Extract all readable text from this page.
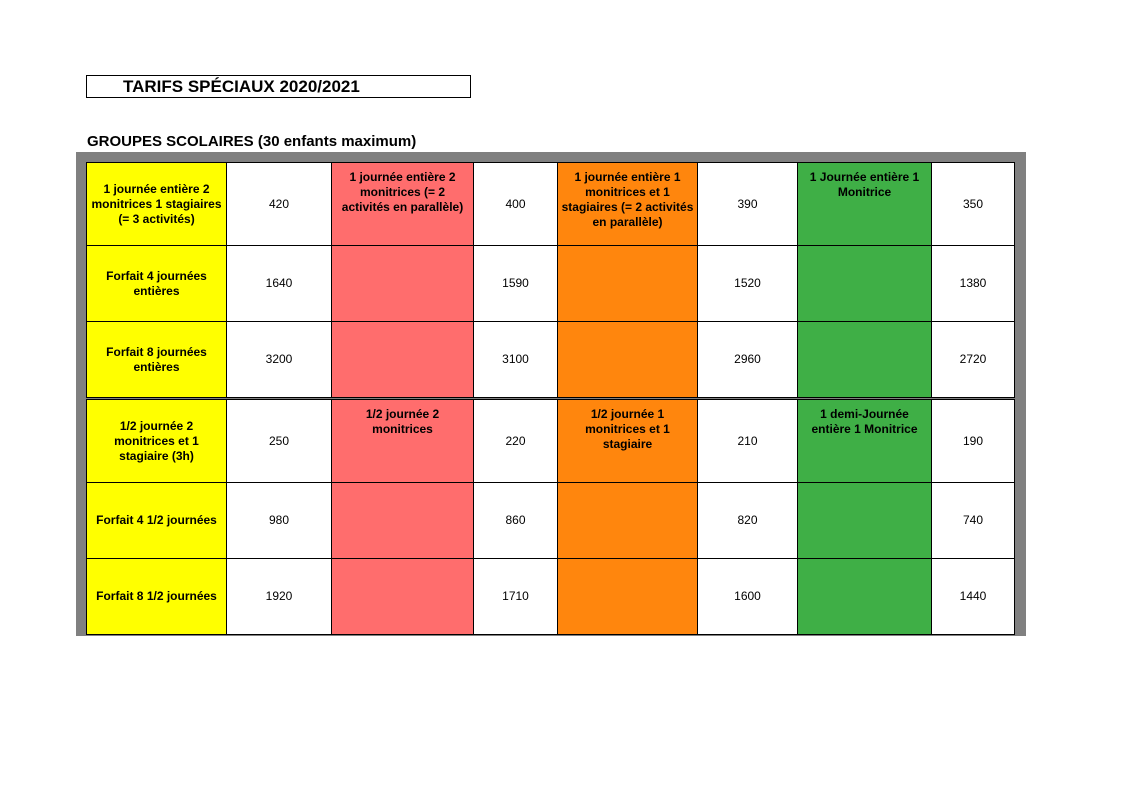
TARIFS SPÉCIAUX 2020/2021
GROUPES SCOLAIRES (30 enfants maximum)
1 journée entière 2 monitrices 1 stagiaires (= 3 activités)	420	1 journée entière 2 monitrices (= 2 activités en parallèle)	400	1 journée entière 1 monitrices et 1 stagiaires (= 2 activités en parallèle)	390	1 Journée entière 1 Monitrice	350
Forfait 4 journées entières	1640		1590		1520		1380
Forfait 8 journées entières	3200		3100		2960		2720
1/2 journée 2 monitrices et 1 stagiaire (3h)	250	1/2 journée 2 monitrices	220	1/2 journée 1 monitrices et 1 stagiaire	210	1 demi-Journée entière 1 Monitrice	190
Forfait 4 1/2 journées	980		860		820		740
Forfait 8 1/2 journées	1920		1710		1600		1440
